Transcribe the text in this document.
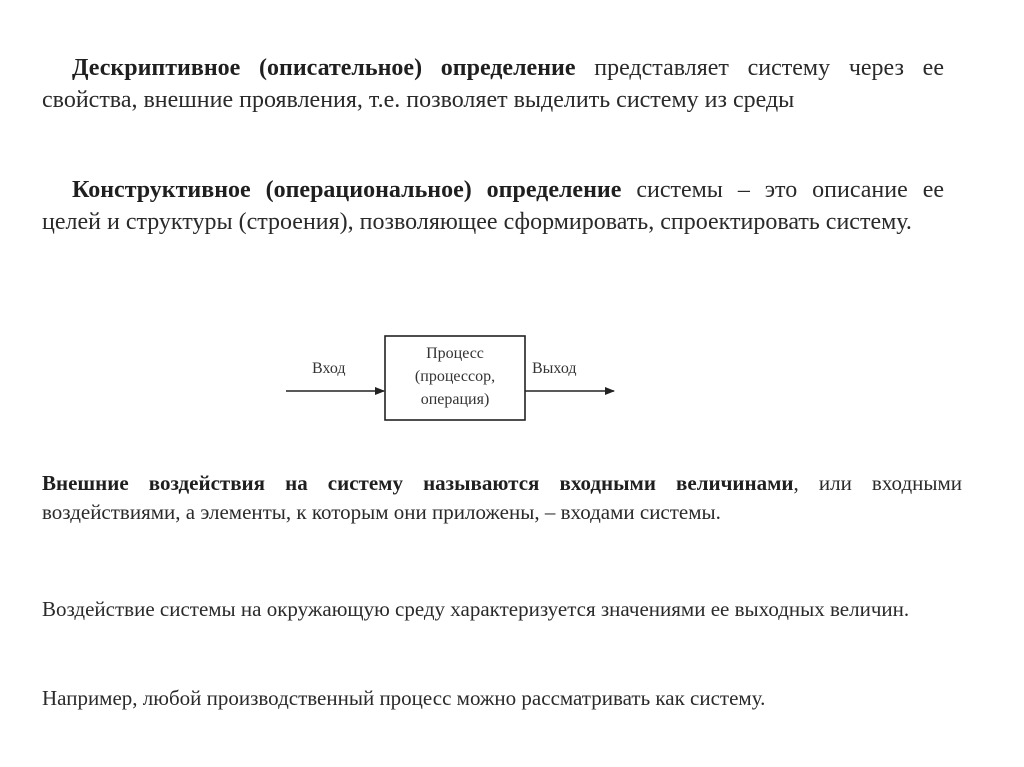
Дескриптивное (описательное) определение представляет систему через ее свойства, внешние проявления, т.е. позволяет выделить систему из среды

Конструктивное (операциональное) определение системы – это описание ее целей и структуры (строения), позволяющее сформировать, спроектировать систему.

Вход
Процесс
(процессор,
операция)
Выход

Внешние воздействия на систему называются входными величинами, или входными воздействиями, а элементы, к которым они приложены, – входами системы.

Воздействие системы на окружающую среду характеризуется значениями ее выходных величин.

Например, любой производственный процесс можно рассматривать как систему.
